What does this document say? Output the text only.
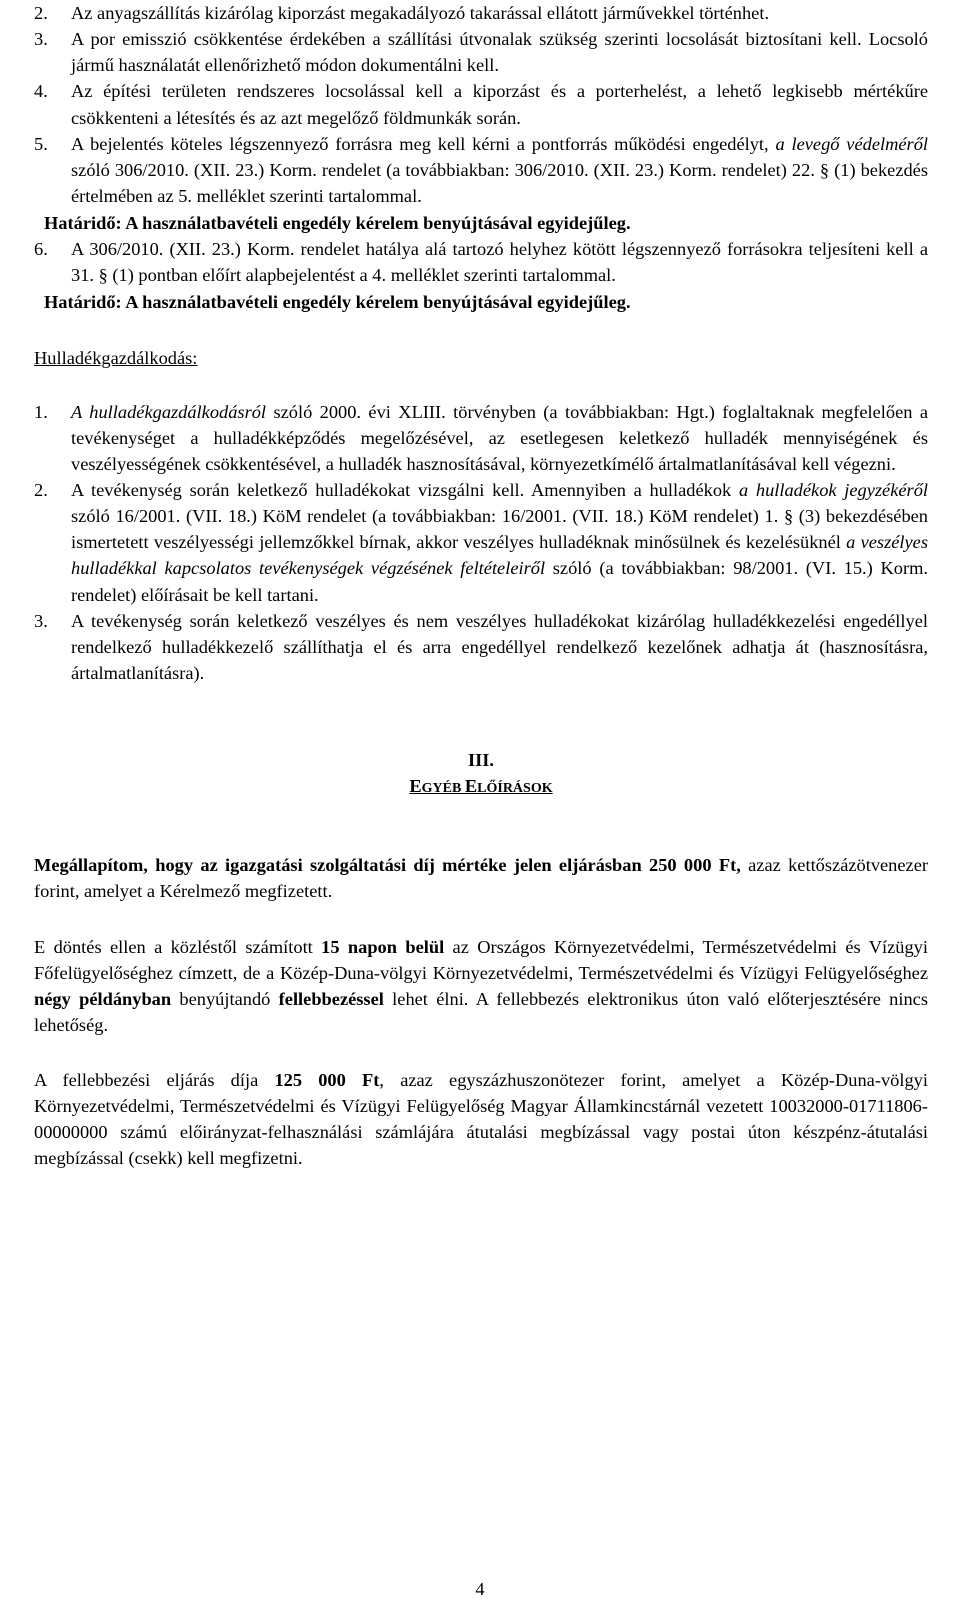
2. Az anyagszállítás kizárólag kiporzást megakadályozó takarással ellátott járművekkel történhet.
3. A por emisszió csökkentése érdekében a szállítási útvonalak szükség szerinti locsolását biztosítani kell. Locsoló jármű használatát ellenőrizhető módon dokumentálni kell.
4. Az építési területen rendszeres locsolással kell a kiporzást és a porterhelést, a lehető legkisebb mértékűre csökkenteni a létesítés és az azt megelőző földmunkák során.
5. A bejelentés köteles légszennyező forrásra meg kell kérni a pontforrás működési engedélyt, a levegő védelméről szóló 306/2010. (XII. 23.) Korm. rendelet (a továbbiakban: 306/2010. (XII. 23.) Korm. rendelet) 22. § (1) bekezdés értelmében az 5. melléklet szerinti tartalommal.
Határidő: A használatbavételi engedély kérelem benyújtásával egyidejűleg.
6. A 306/2010. (XII. 23.) Korm. rendelet hatálya alá tartozó helyhez kötött légszennyező forrásokra teljesíteni kell a 31. § (1) pontban előírt alapbejelentést a 4. melléklet szerinti tartalommal.
Határidő: A használatbavételi engedély kérelem benyújtásával egyidejűleg.
Hulladékgazdálkodás:
1. A hulladékgazdálkodásról szóló 2000. évi XLIII. törvényben (a továbbiakban: Hgt.) foglaltaknak megfelelően a tevékenységet a hulladékképződés megelőzésével, az esetlegesen keletkező hulladék mennyiségének és veszélyességének csökkentésével, a hulladék hasznosításával, környezetkímélő ártalmatlanításával kell végezni.
2. A tevékenység során keletkező hulladékokat vizsgálni kell. Amennyiben a hulladékok a hulladékok jegyzékéről szóló 16/2001. (VII. 18.) KöM rendelet (a továbbiakban: 16/2001. (VII. 18.) KöM rendelet) 1. § (3) bekezdésében ismertetett veszélyességi jellemzőkkel bírnak, akkor veszélyes hulladéknak minősülnek és kezelésüknél a veszélyes hulladékkal kapcsolatos tevékenységek végzésének feltételeiről szóló (a továbbiakban: 98/2001. (VI. 15.) Korm. rendelet) előírásait be kell tartani.
3. A tevékenység során keletkező veszélyes és nem veszélyes hulladékokat kizárólag hulladékkezelési engedéllyel rendelkező hulladékkezelő szállíthatja el és arra engedéllyel rendelkező kezelőnek adhatja át (hasznosításra, ártalmatlanításra).
III.
EGYÉB ELŐÍRÁSOK

Megállapítom, hogy az igazgatási szolgáltatási díj mértéke jelen eljárásban 250 000 Ft, azaz kettőszázötvenezer forint, amelyet a Kérelmező megfizetett.

E döntés ellen a közléstől számított 15 napon belül az Országos Környezetvédelmi, Természetvédelmi és Vízügyi Főfelügyelőséghez címzett, de a Közép-Duna-völgyi Környezetvédelmi, Természetvédelmi és Vízügyi Felügyelőséghez négy példányban benyújtandó fellebbezéssel lehet élni. A fellebbezés elektronikus úton való előterjesztésére nincs lehetőség.

A fellebbezési eljárás díja 125 000 Ft, azaz egyszázhuszonötezer forint, amelyet a Közép-Duna-völgyi Környezetvédelmi, Természetvédelmi és Vízügyi Felügyelőség Magyar Államkincstárnál vezetett 10032000-01711806-00000000 számú előirányzat-felhasználási számlájára átutalási megbízással vagy postai úton készpénz-átutalási megbízással (csekk) kell megfizetni.

4
